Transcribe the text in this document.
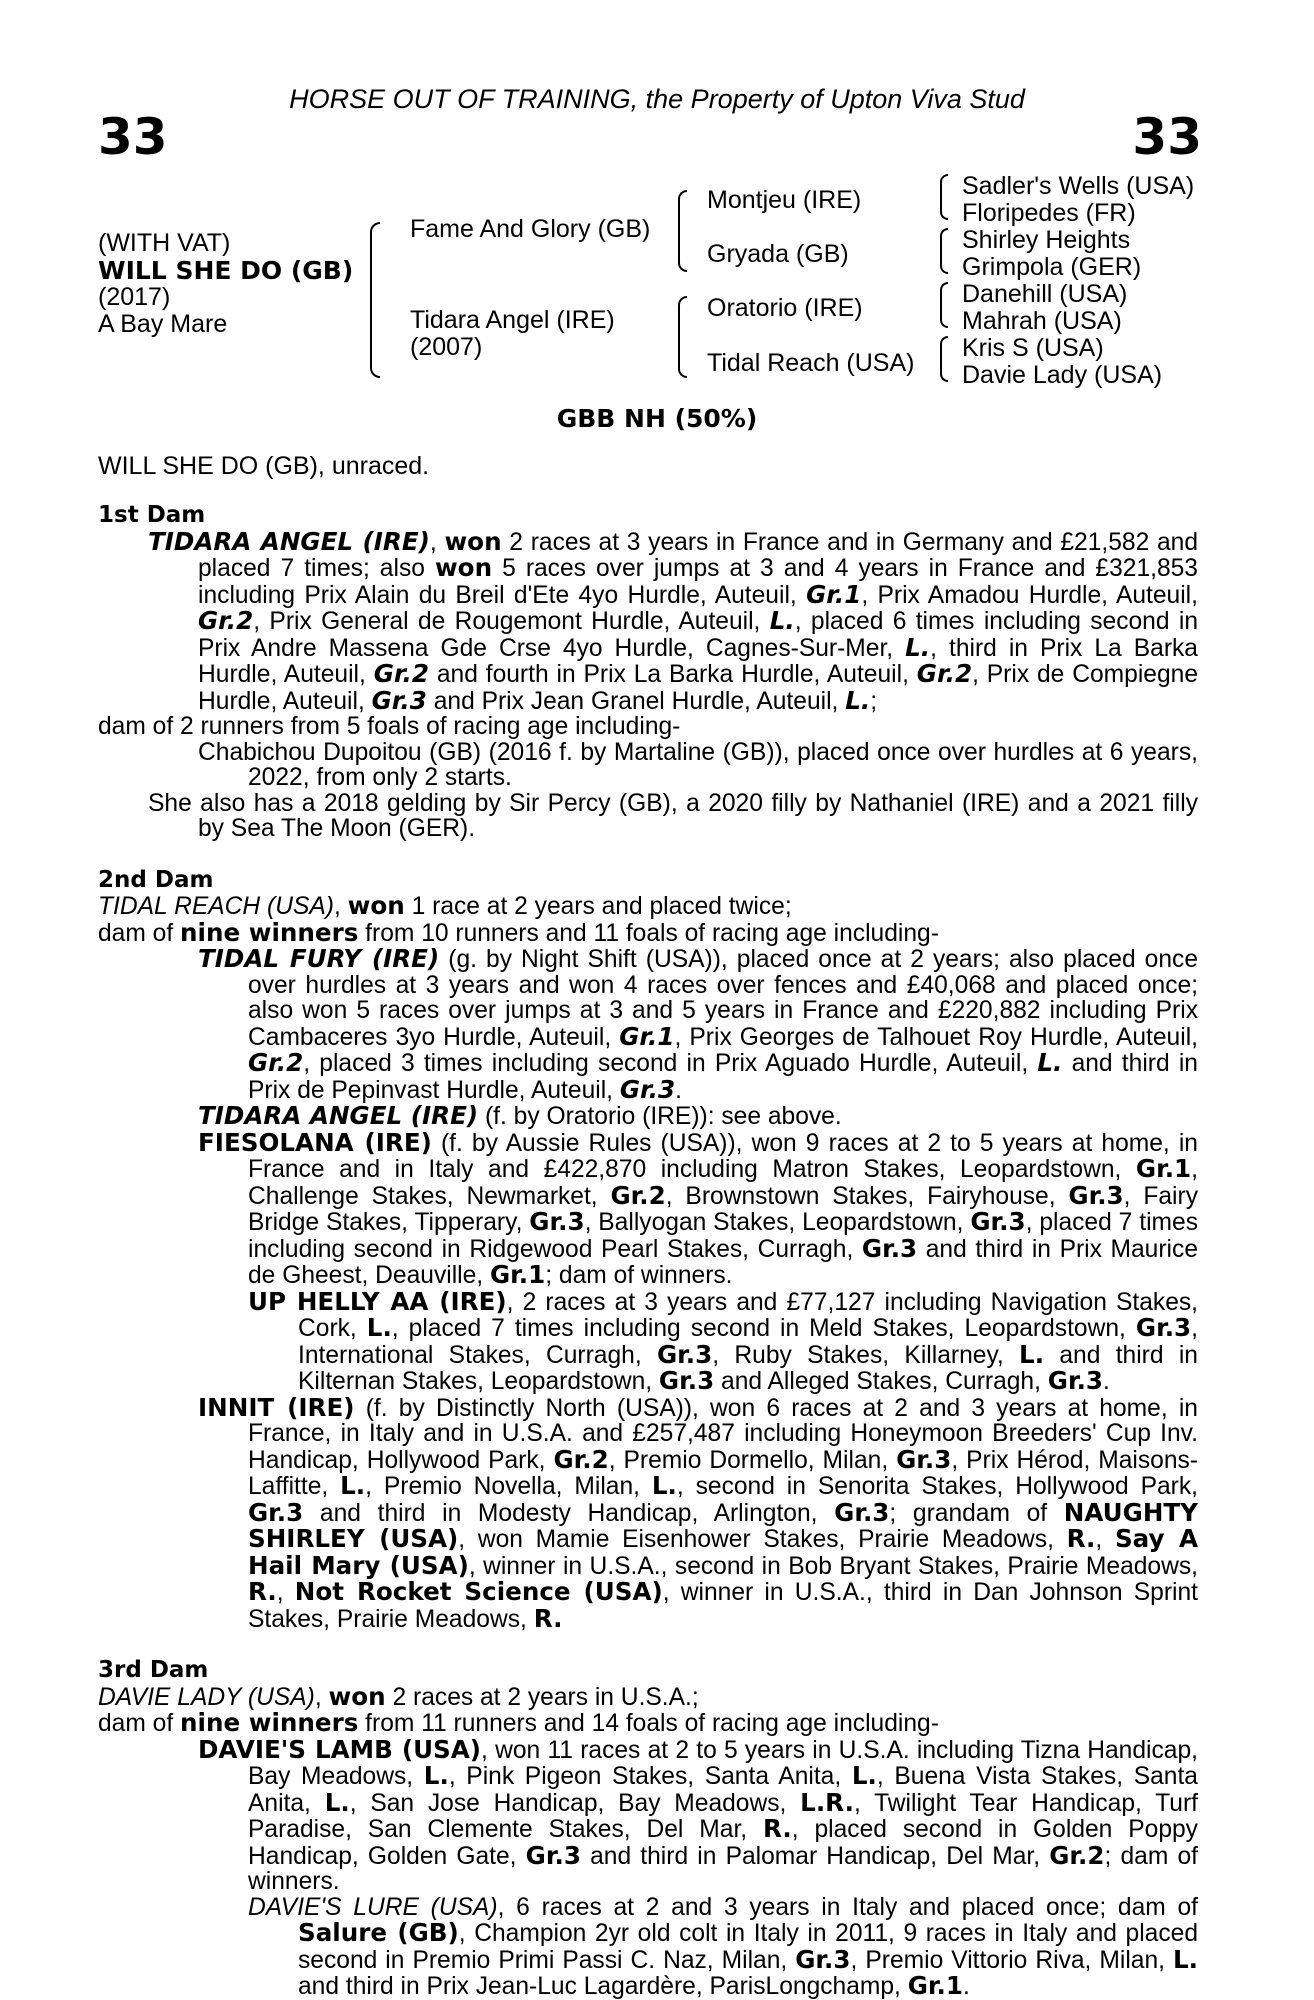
HORSE OUT OF TRAINING, the Property of Upton Viva Stud
33	33
(WITH VAT)
WILL SHE DO (GB)
(2017)
A Bay Mare
Fame And Glory (GB)
Tidara Angel (IRE)
(2007)
Montjeu (IRE)
Gryada (GB)
Oratorio (IRE)
Tidal Reach (USA)
Sadler's Wells (USA)
Floripedes (FR)
Shirley Heights
Grimpola (GER)
Danehill (USA)
Mahrah (USA)
Kris S (USA)
Davie Lady (USA)
GBB NH (50%)
WILL SHE DO (GB), unraced.

1st Dam

TIDARA ANGEL (IRE), won 2 races at 3 years in France and in Germany and £21,582 and placed 7 times; also won 5 races over jumps at 3 and 4 years in France and £321,853 including Prix Alain du Breil d'Ete 4yo Hurdle, Auteuil, Gr.1, Prix Amadou Hurdle, Auteuil, Gr.2, Prix General de Rougemont Hurdle, Auteuil, L., placed 6 times including second in Prix Andre Massena Gde Crse 4yo Hurdle, Cagnes-Sur-Mer, L., third in Prix La Barka Hurdle, Auteuil, Gr.2 and fourth in Prix La Barka Hurdle, Auteuil, Gr.2, Prix de Compiegne Hurdle, Auteuil, Gr.3 and Prix Jean Granel Hurdle, Auteuil, L.;

dam of 2 runners from 5 foals of racing age including-

Chabichou Dupoitou (GB) (2016 f. by Martaline (GB)), placed once over hurdles at 6 years, 2022, from only 2 starts.

She also has a 2018 gelding by Sir Percy (GB), a 2020 filly by Nathaniel (IRE) and a 2021 filly by Sea The Moon (GER).

2nd Dam

TIDAL REACH (USA), won 1 race at 2 years and placed twice;

dam of nine winners from 10 runners and 11 foals of racing age including-

TIDAL FURY (IRE) (g. by Night Shift (USA)), placed once at 2 years; also placed once over hurdles at 3 years and won 4 races over fences and £40,068 and placed once; also won 5 races over jumps at 3 and 5 years in France and £220,882 including Prix Cambaceres 3yo Hurdle, Auteuil, Gr.1, Prix Georges de Talhouet Roy Hurdle, Auteuil, Gr.2, placed 3 times including second in Prix Aguado Hurdle, Auteuil, L. and third in Prix de Pepinvast Hurdle, Auteuil, Gr.3.

TIDARA ANGEL (IRE) (f. by Oratorio (IRE)): see above.

FIESOLANA (IRE) (f. by Aussie Rules (USA)), won 9 races at 2 to 5 years at home, in France and in Italy and £422,870 including Matron Stakes, Leopardstown, Gr.1, Challenge Stakes, Newmarket, Gr.2, Brownstown Stakes, Fairyhouse, Gr.3, Fairy Bridge Stakes, Tipperary, Gr.3, Ballyogan Stakes, Leopardstown, Gr.3, placed 7 times including second in Ridgewood Pearl Stakes, Curragh, Gr.3 and third in Prix Maurice de Gheest, Deauville, Gr.1; dam of winners.

UP HELLY AA (IRE), 2 races at 3 years and £77,127 including Navigation Stakes, Cork, L., placed 7 times including second in Meld Stakes, Leopardstown, Gr.3, International Stakes, Curragh, Gr.3, Ruby Stakes, Killarney, L. and third in Kilternan Stakes, Leopardstown, Gr.3 and Alleged Stakes, Curragh, Gr.3.

INNIT (IRE) (f. by Distinctly North (USA)), won 6 races at 2 and 3 years at home, in France, in Italy and in U.S.A. and £257,487 including Honeymoon Breeders' Cup Inv. Handicap, Hollywood Park, Gr.2, Premio Dormello, Milan, Gr.3, Prix Hérod, Maisons-Laffitte, L., Premio Novella, Milan, L., second in Senorita Stakes, Hollywood Park, Gr.3 and third in Modesty Handicap, Arlington, Gr.3; grandam of NAUGHTY SHIRLEY (USA), won Mamie Eisenhower Stakes, Prairie Meadows, R., Say A Hail Mary (USA), winner in U.S.A., second in Bob Bryant Stakes, Prairie Meadows, R., Not Rocket Science (USA), winner in U.S.A., third in Dan Johnson Sprint Stakes, Prairie Meadows, R.

3rd Dam

DAVIE LADY (USA), won 2 races at 2 years in U.S.A.;

dam of nine winners from 11 runners and 14 foals of racing age including-

DAVIE'S LAMB (USA), won 11 races at 2 to 5 years in U.S.A. including Tizna Handicap, Bay Meadows, L., Pink Pigeon Stakes, Santa Anita, L., Buena Vista Stakes, Santa Anita, L., San Jose Handicap, Bay Meadows, L.R., Twilight Tear Handicap, Turf Paradise, San Clemente Stakes, Del Mar, R., placed second in Golden Poppy Handicap, Golden Gate, Gr.3 and third in Palomar Handicap, Del Mar, Gr.2; dam of winners.

DAVIE'S LURE (USA), 6 races at 2 and 3 years in Italy and placed once; dam of Salure (GB), Champion 2yr old colt in Italy in 2011, 9 races in Italy and placed second in Premio Primi Passi C. Naz, Milan, Gr.3, Premio Vittorio Riva, Milan, L. and third in Prix Jean-Luc Lagardère, ParisLongchamp, Gr.1.
